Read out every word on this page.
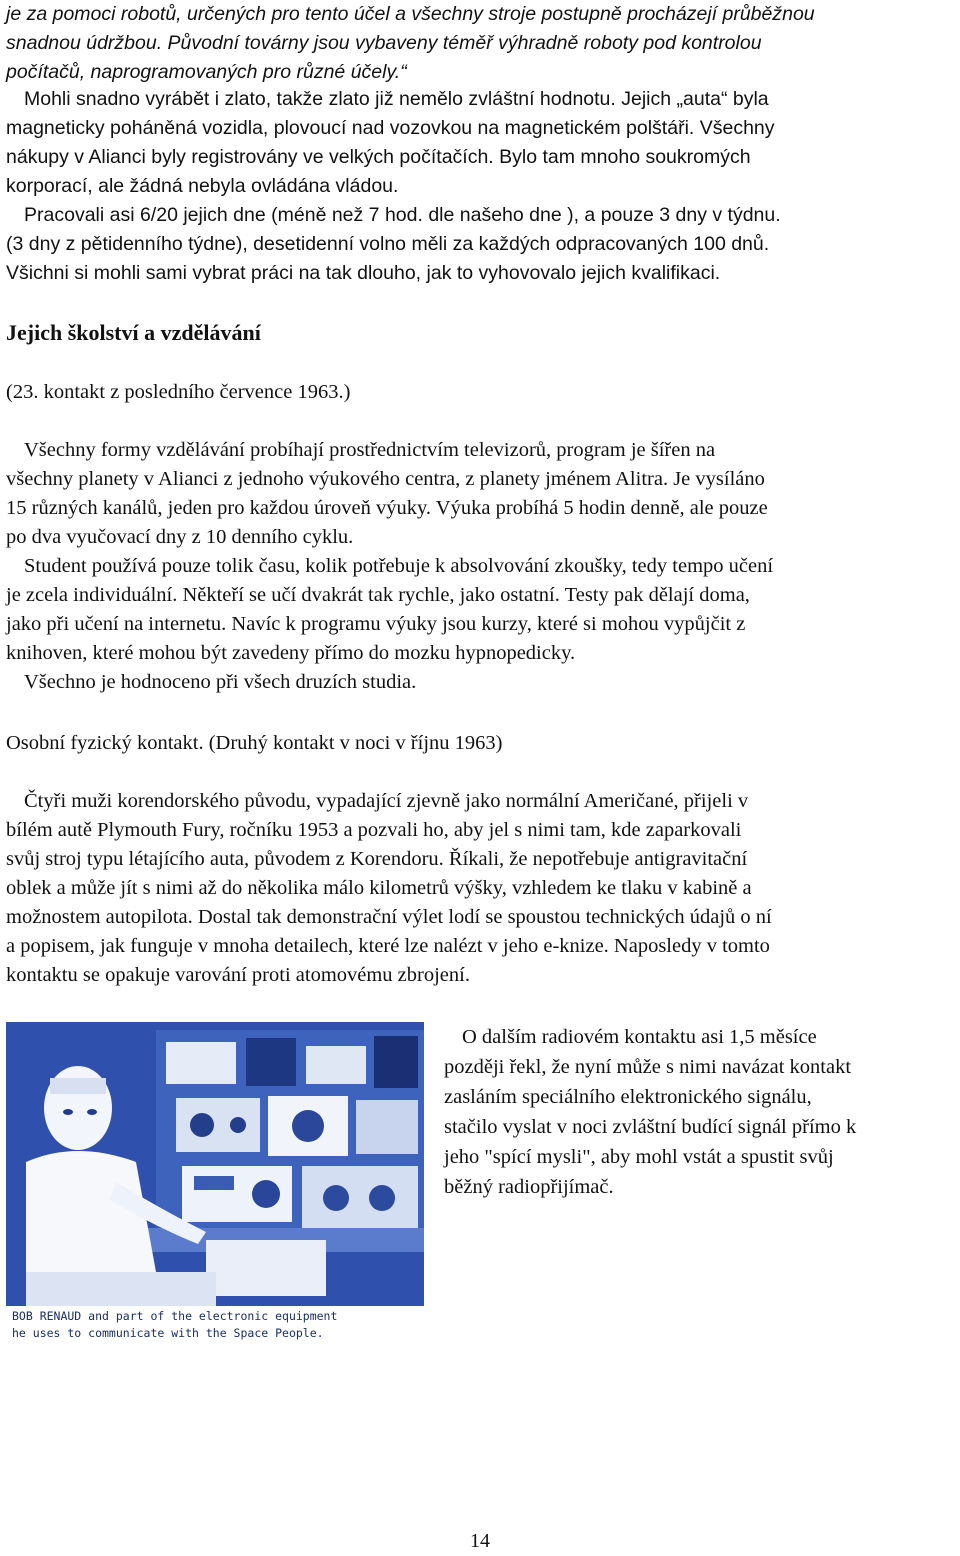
je za pomoci robotů, určených pro tento účel a všechny stroje postupně procházejí průběžnou
snadnou údržbou. Původní továrny jsou vybaveny téměř výhradně roboty pod kontrolou
počítačů, naprogramovaných pro různé účely.“

Mohli snadno vyrábět i zlato, takže zlato již nemělo zvláštní hodnotu. Jejich „auta“ byla
magneticky poháněná vozidla, plovoucí nad vozovkou na magnetickém polštáři. Všechny
nákupy v Alianci byly registrovány ve velkých počítačích. Bylo tam mnoho soukromých
korporací, ale žádná nebyla ovládána vládou.
Pracovali asi 6/20 jejich dne (méně než 7 hod. dle našeho dne ), a pouze 3 dny v týdnu.
(3 dny z pětidenního týdne), desetidenní volno měli za každých odpracovaných 100 dnů.
Všichni si mohli sami vybrat práci na tak dlouho, jak to vyhovovalo jejich kvalifikaci.

Jejich školství a vzdělávání

(23. kontakt z posledního července 1963.)

Všechny formy vzdělávání probíhají prostřednictvím televizorů, program je šířen na
všechny planety v Alianci z jednoho výukového centra, z planety jménem Alitra. Je vysíláno
15 různých kanálů, jeden pro každou úroveň výuky. Výuka probíhá 5 hodin denně, ale pouze
po dva vyučovací dny z 10 denního cyklu.
Student používá pouze tolik času, kolik potřebuje k absolvování zkoušky, tedy tempo učení
je zcela individuální. Někteří se učí dvakrát tak rychle, jako ostatní. Testy pak dělají doma,
jako při učení na internetu. Navíc k programu výuky jsou kurzy, které si mohou vypůjčit z
knihoven, které mohou být zavedeny přímo do mozku hypnopedicky.
Všechno je hodnoceno při všech druzích studia.

Osobní fyzický kontakt. (Druhý kontakt v noci v říjnu 1963)

Čtyři muži korendorského původu, vypadající zjevně jako normální Američané, přijeli v
bílém autě Plymouth Fury, ročníku 1953 a pozvali ho, aby jel s nimi tam, kde zaparkovali
svůj stroj typu létajícího auta, původem z Korendoru. Říkali, že nepotřebuje antigravitační
oblek a může jít s nimi až do několika málo kilometrů výšky, vzhledem ke tlaku v kabině a
možnostem autopilota. Dostal tak demonstrační výlet lodí se spoustou technických údajů o ní
a popisem, jak funguje v mnoha detailech, které lze nalézt v jeho e-knize. Naposledy v tomto
kontaktu se opakuje varování proti atomovému zbrojení.

BOB RENAUD and part of the electronic equipment
he uses to communicate with the Space People.

O dalším radiovém kontaktu asi 1,5 měsíce
později řekl, že nyní může s nimi navázat kontakt
zasláním speciálního elektronického signálu,
stačilo vyslat v noci zvláštní budící signál přímo k
jeho "spící mysli", aby mohl vstát a spustit svůj
běžný radiopřijímač.

14
